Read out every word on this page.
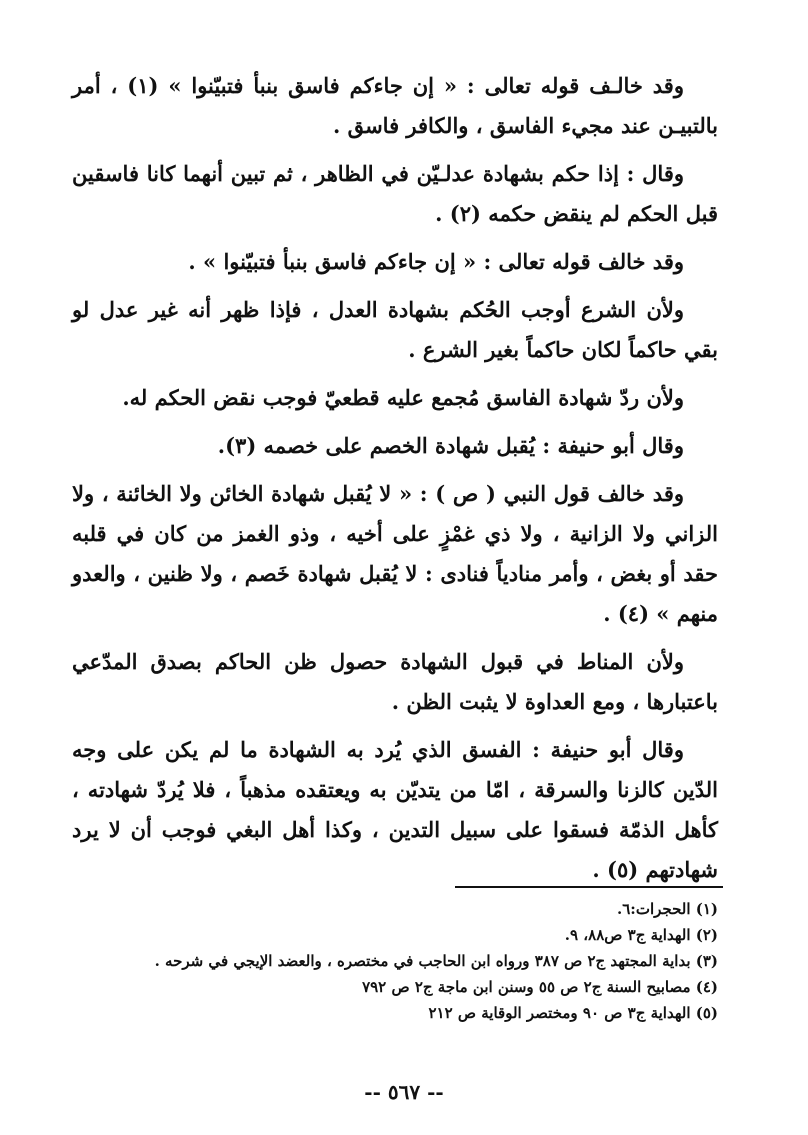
وقد خالـف قوله تعالى : « إن جاءكم فاسق بنبأ فتبيّنوا » (١) ، أمر بالتبيـن عند مجيء الفاسق ، والكافر فاسق .

وقال : إذا حكم بشهادة عدلـيّن في الظاهر ، ثم تبين أنهما كانا فاسقين قبل الحكم لم ينقض حكمه (٢) .

وقد خالف قوله تعالى : « إن جاءكم فاسق بنبأ فتبيّنوا » .

ولأن الشرع أوجب الحُكم بشهادة العدل ، فإذا ظهر أنه غير عدل لو بقي حاكماً لكان حاكماً بغير الشرع .

ولأن ردّ شهادة الفاسق مُجمع عليه قطعيّ فوجب نقض الحكم له.

وقال أبو حنيفة : يُقبل شهادة الخصم على خصمه (٣).

وقد خالف قول النبي ( ص ) : « لا يُقبل شهادة الخائن ولا الخائنة ، ولا الزاني ولا الزانية ، ولا ذي غمْزٍ على أخيه ، وذو الغمز من كان في قلبه حقد أو بغض ، وأمر منادياً فنادى : لا يُقبل شهادة خَصم ، ولا ظنين ، والعدو منهم » (٤) .

ولأن المناط في قبول الشهادة حصول ظن الحاكم بصدق المدّعي باعتبارها ، ومع العداوة لا يثبت الظن .

وقال أبو حنيفة : الفسق الذي يُرد به الشهادة ما لم يكن على وجه الدّين كالزنا والسرقة ، امّا من يتديّن به ويعتقده مذهباً ، فلا يُردّ شهادته ، كأهل الذمّة فسقوا على سبيل التدين ، وكذا أهل البغي فوجب أن لا يرد شهادتهم (٥) .

(١) الحجرات:٦.
(٢) الهداية ج٣ ص٨٨، ٩.
(٣) بداية المجتهد ج٢ ص ٣٨٧ ورواه ابن الحاجب في مختصره ، والعضد الإيجي في شرحه .
(٤) مصابيح السنة ج٢ ص ٥٥ وسنن ابن ماجة ج٢ ص ٧٩٢
(٥) الهداية ج٣ ص ٩٠ ومختصر الوقاية ص ٢١٢
-- ٥٦٧ --
